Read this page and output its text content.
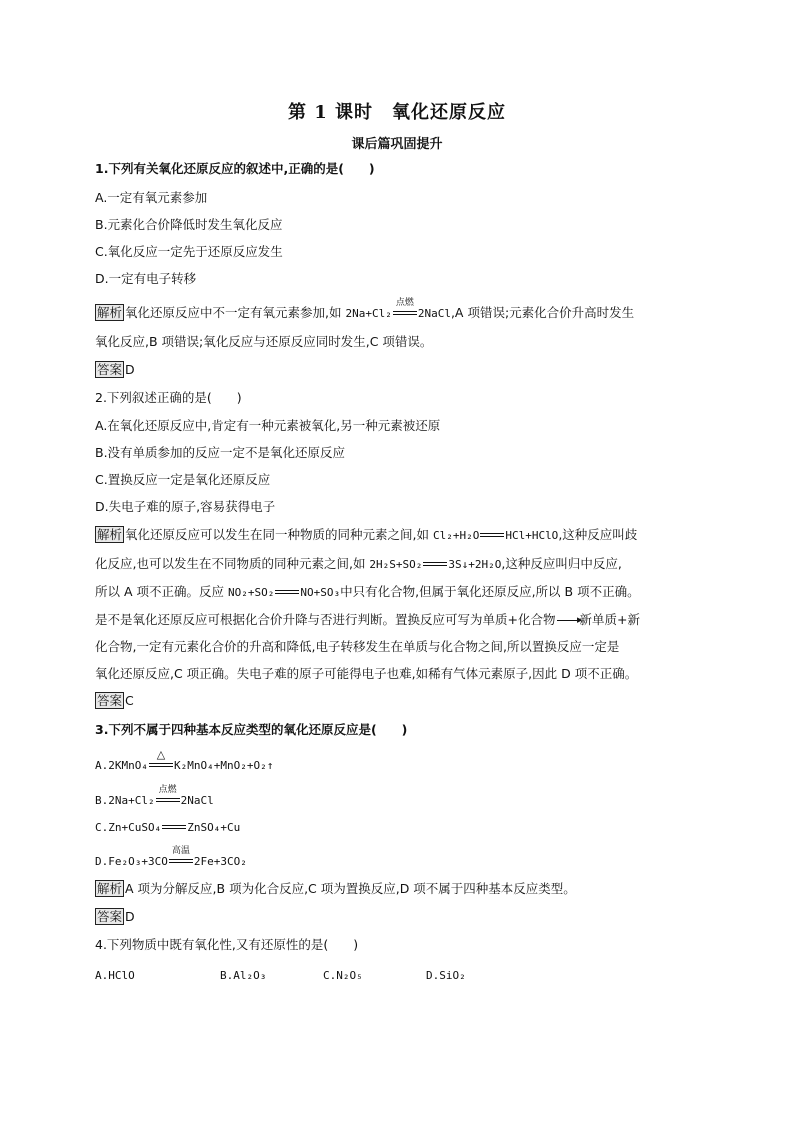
第 1 课时　氧化还原反应
课后篇巩固提升
1.下列有关氧化还原反应的叙述中,正确的是(　　)
A.一定有氧元素参加
B.元素化合价降低时发生氧化反应
C.氧化反应一定先于还原反应发生
D.一定有电子转移
解析 氧化还原反应中不一定有氧元素参加,如 2Na+Cl₂
点燃
2NaCl,A 项错误;元素化合价升高时发生
氧化反应,B 项错误;氧化反应与还原反应同时发生,C 项错误。
答案 D
2.下列叙述正确的是(　　)
A.在氧化还原反应中,肯定有一种元素被氧化,另一种元素被还原
B.没有单质参加的反应一定不是氧化还原反应
C.置换反应一定是氧化还原反应
D.失电子难的原子,容易获得电子
解析 氧化还原反应可以发生在同一种物质的同种元素之间,如 Cl₂+H₂O HCl+HClO,这种反应叫歧
化反应,也可以发生在不同物质的同种元素之间,如 2H₂S+SO₂ 3S↓+2H₂O,这种反应叫归中反应,
所以 A 项不正确。反应 NO₂+SO₂ NO+SO₃中只有化合物,但属于氧化还原反应,所以 B 项不正确。
是不是氧化还原反应可根据化合价升降与否进行判断。置换反应可写为单质+化合物 ▸ 新单质+新
化合物,一定有元素化合价的升高和降低,电子转移发生在单质与化合物之间,所以置换反应一定是
氧化还原反应,C 项正确。失电子难的原子可能得电子也难,如稀有气体元素原子,因此 D 项不正确。
答案 C
3.下列不属于四种基本反应类型的氧化还原反应是(　　)
A.2KMnO₄
△
K₂MnO₄+MnO₂+O₂↑
B.2Na+Cl₂
点燃
2NaCl
C.Zn+CuSO₄ ZnSO₄+Cu
D.Fe₂O₃+3CO
高温
2Fe+3CO₂
解析 A 项为分解反应,B 项为化合反应,C 项为置换反应,D 项不属于四种基本反应类型。
答案 D
4.下列物质中既有氧化性,又有还原性的是(　　)
A.HClO	B.Al₂O₃	C.N₂O₅	D.SiO₂
